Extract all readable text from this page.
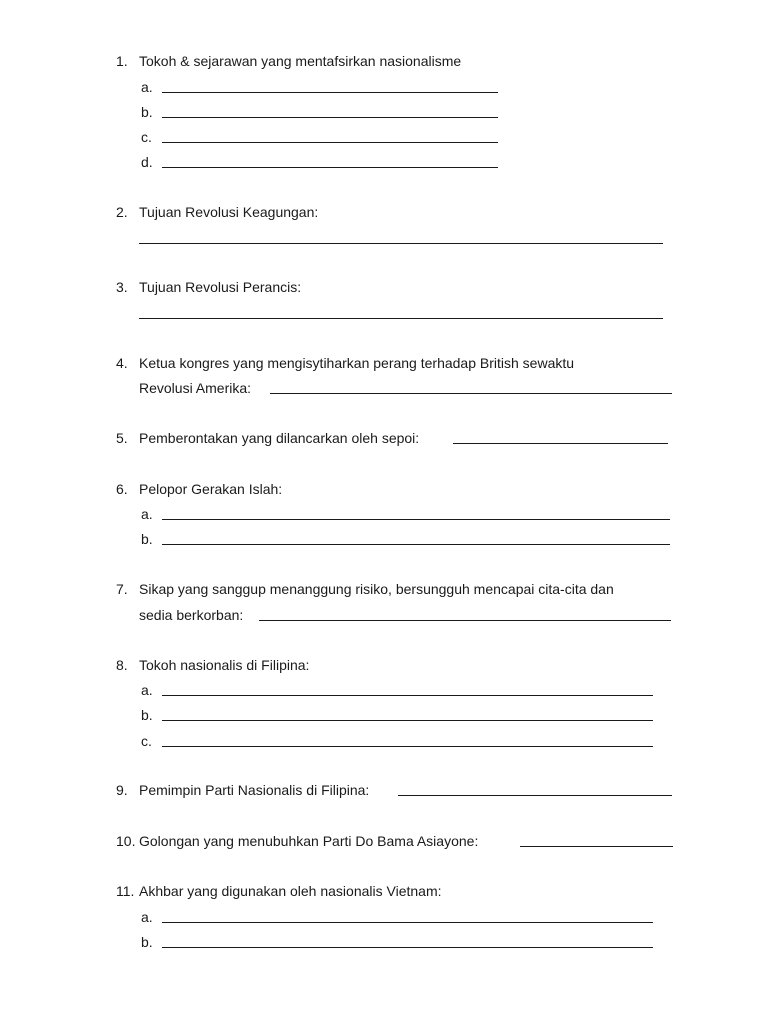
1. Tokoh & sejarawan yang mentafsirkan nasionalisme
a.
b.
c.
d.
2. Tujuan Revolusi Keagungan:
3. Tujuan Revolusi Perancis:
4. Ketua kongres yang mengisytiharkan perang terhadap British sewaktu
Revolusi Amerika:
5. Pemberontakan yang dilancarkan oleh sepoi:
6. Pelopor Gerakan Islah:
a.
b.
7. Sikap yang sanggup menanggung risiko, bersungguh mencapai cita-cita dan
sedia berkorban:
8. Tokoh nasionalis di Filipina:
a.
b.
c.
9. Pemimpin Parti Nasionalis di Filipina:
10. Golongan yang menubuhkan Parti Do Bama Asiayone:
11. Akhbar yang digunakan oleh nasionalis Vietnam:
a.
b.
